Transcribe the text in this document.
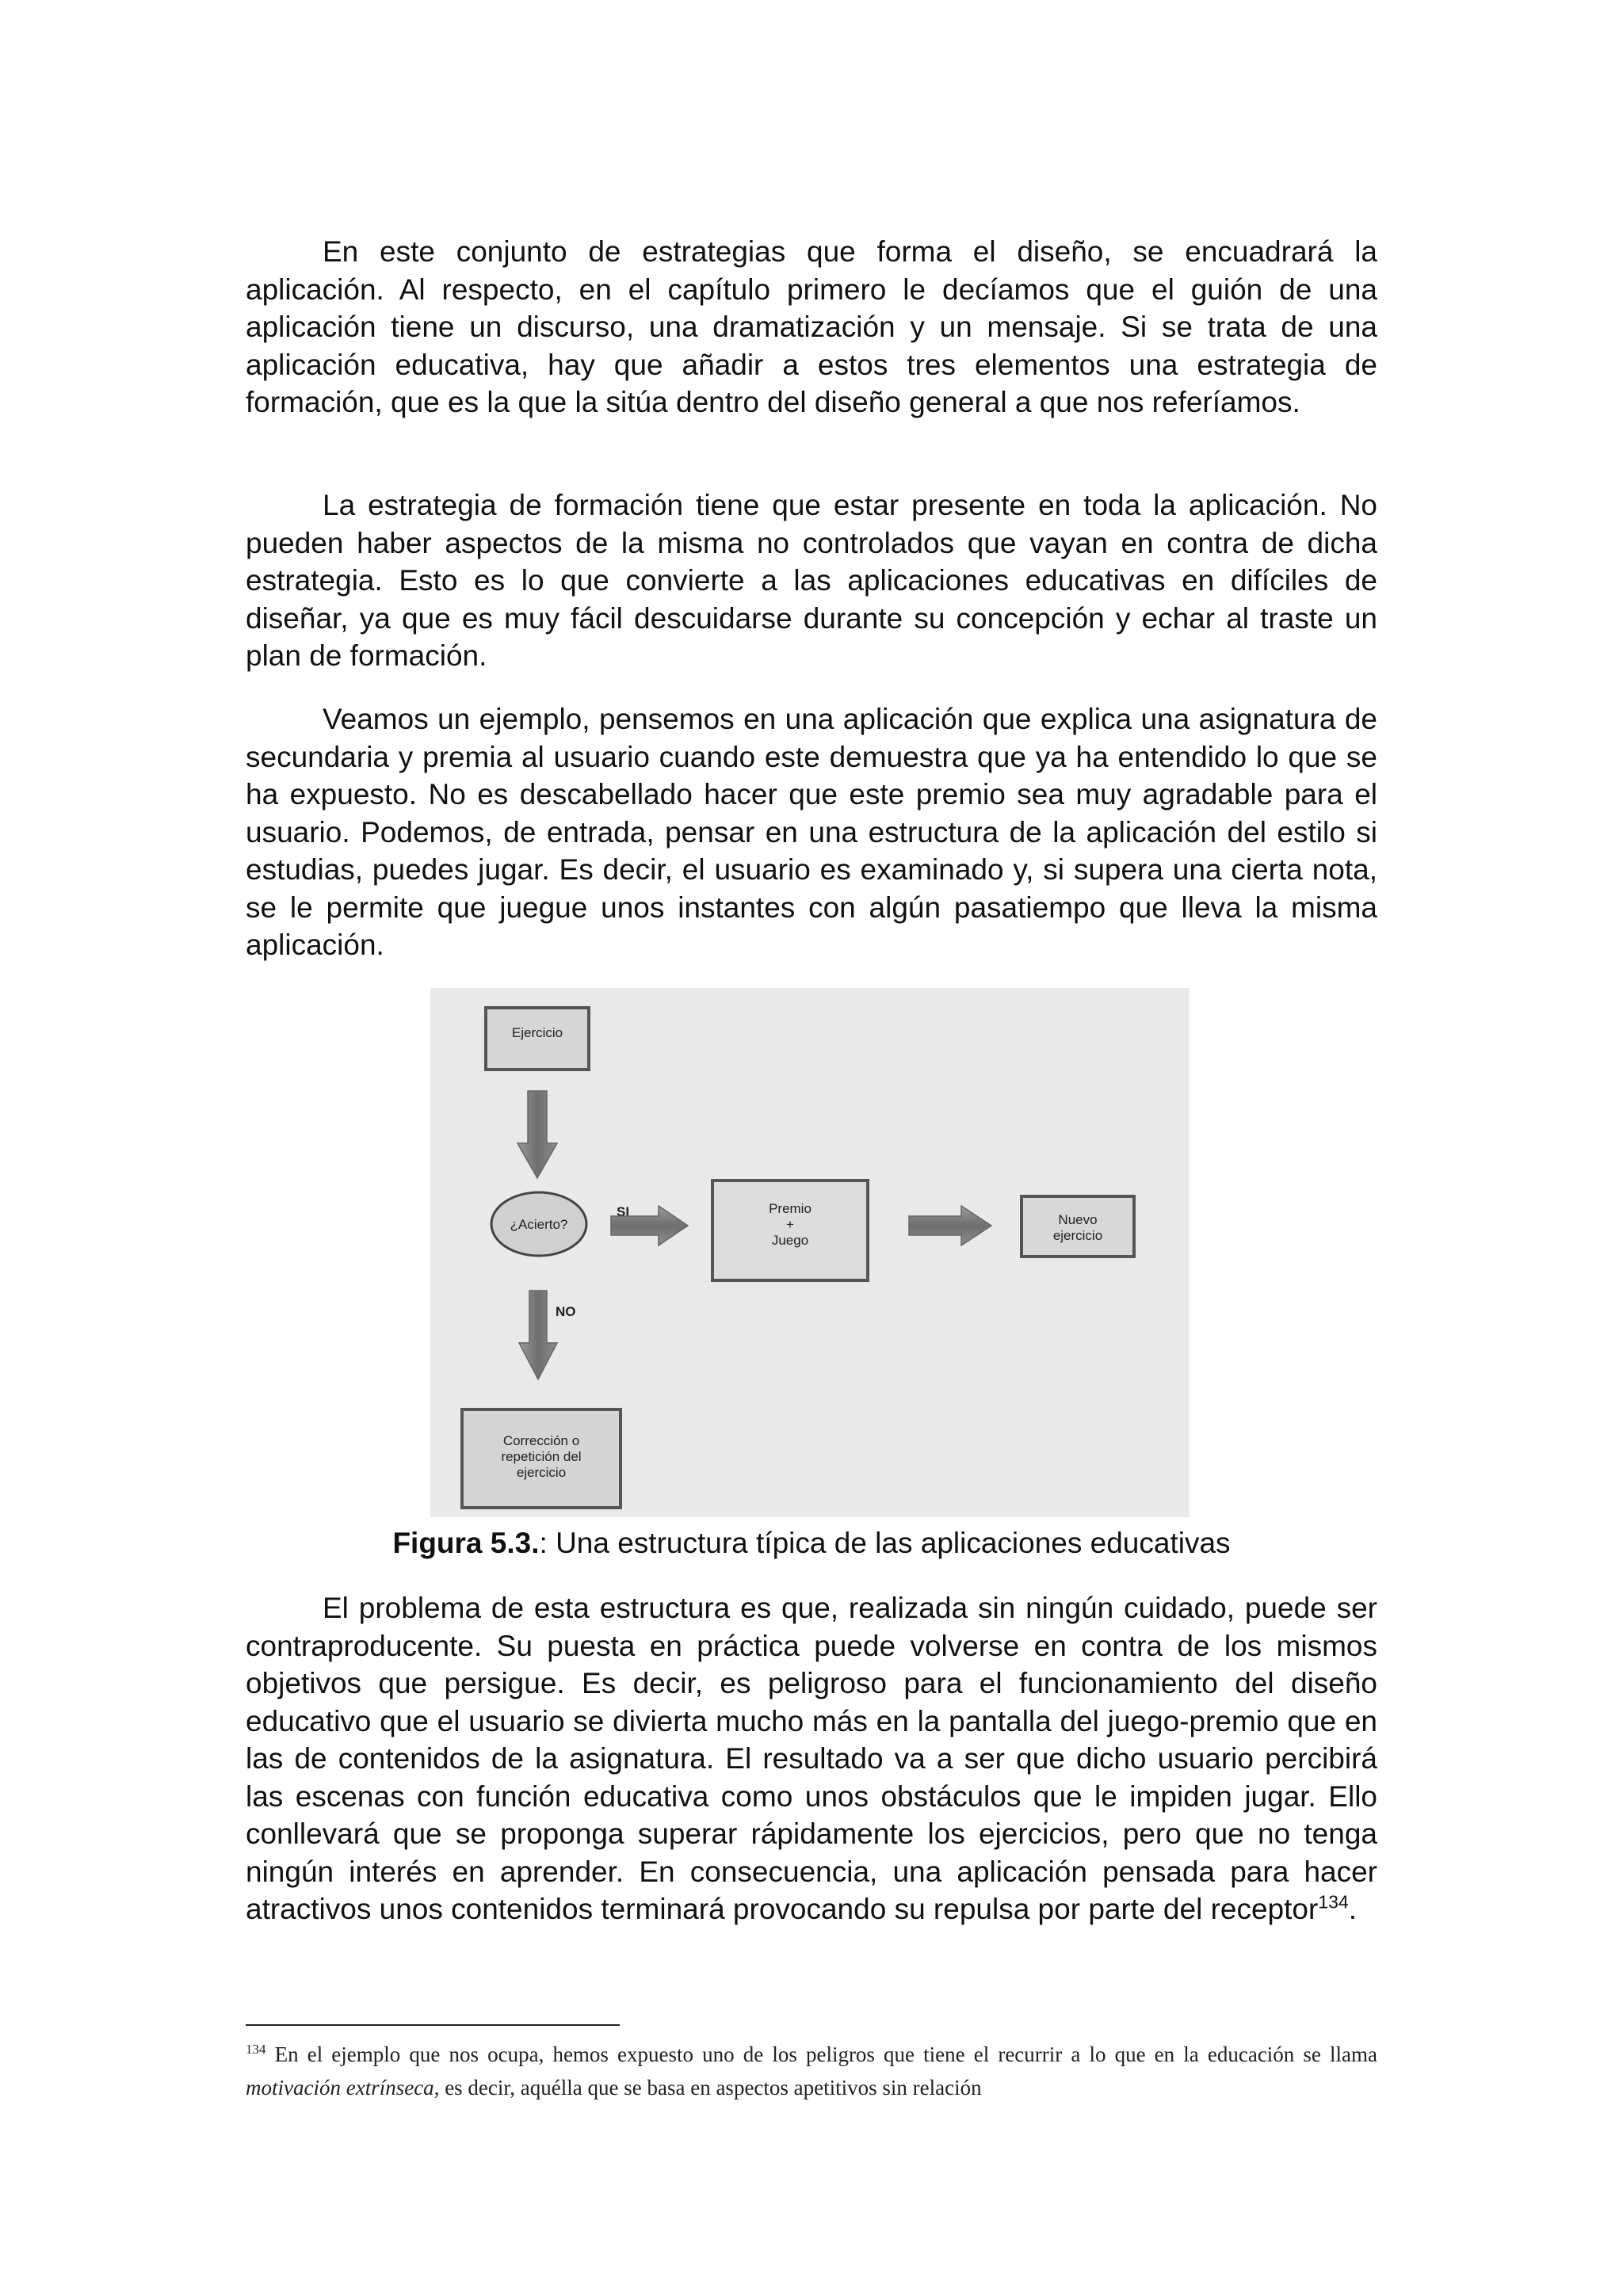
En este conjunto de estrategias que forma el diseño, se encuadrará la aplicación. Al respecto, en el capítulo primero le decíamos que el guión de una aplicación tiene un discurso, una dramatización y un mensaje. Si se trata de una aplicación educativa, hay que añadir a estos tres elementos una estrategia de formación, que es la que la sitúa dentro del diseño general a que nos referíamos.

La estrategia de formación tiene que estar presente en toda la aplicación. No pueden haber aspectos de la misma no controlados que vayan en contra de dicha estrategia. Esto es lo que convierte a las aplicaciones educativas en difíciles de diseñar, ya que es muy fácil descuidarse durante su concepción y echar al traste un plan de formación.

Veamos un ejemplo, pensemos en una aplicación que explica una asignatura de secundaria y premia al usuario cuando este demuestra que ya ha entendido lo que se ha expuesto. No es descabellado hacer que este premio sea muy agradable para el usuario. Podemos, de entrada, pensar en una estructura de la aplicación del estilo si estudias, puedes jugar. Es decir, el usuario es examinado y, si supera una cierta nota, se le permite que juegue unos instantes con algún pasatiempo que lleva la misma aplicación.

Ejercicio
¿Acierto?
SI	Premio
+
Juego
Nuevo
ejercicio
NO
Corrección o
repetición del
ejercicio
Figura 5.3.: Una estructura típica de las aplicaciones educativas

El problema de esta estructura es que, realizada sin ningún cuidado, puede ser contraproducente. Su puesta en práctica puede volverse en contra de los mismos objetivos que persigue. Es decir, es peligroso para el funcionamiento del diseño educativo que el usuario se divierta mucho más en la pantalla del juego-premio que en las de contenidos de la asignatura. El resultado va a ser que dicho usuario percibirá las escenas con función educativa como unos obstáculos que le impiden jugar. Ello conllevará que se proponga superar rápidamente los ejercicios, pero que no tenga ningún interés en aprender. En consecuencia, una aplicación pensada para hacer atractivos unos contenidos terminará provocando su repulsa por parte del receptor$^{134}$.

$^{134}$ En el ejemplo que nos ocupa, hemos expuesto uno de los peligros que tiene el recurrir a lo que en la educación se llama motivación extrínseca, es decir, aquélla que se basa en aspectos apetitivos sin relación
